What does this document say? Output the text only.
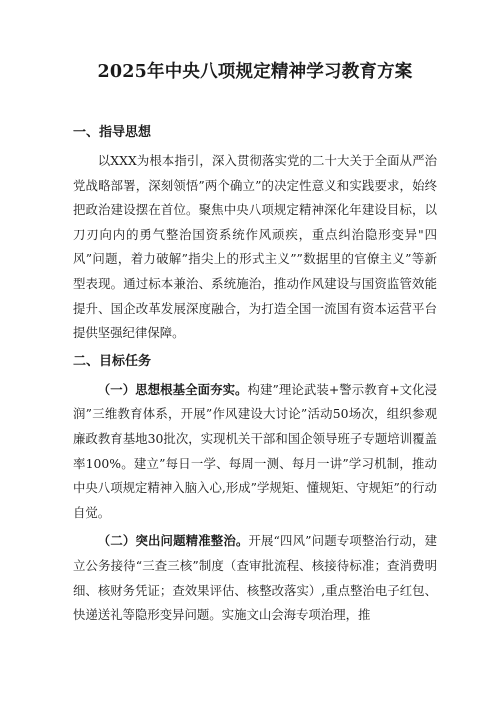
2025年中央八项规定精神学习教育方案
一、指导思想

以XXX为根本指引，深入贯彻落实党的二十大关于全面从严治党战略部署，深刻领悟”两个确立”的决定性意义和实践要求，始终把政治建设摆在首位。聚焦中央八项规定精神深化年建设目标，以刀刃向内的勇气整治国资系统作风顽疾，重点纠治隐形变异"四风”问题，着力破解”指尖上的形式主义””数据里的官僚主义”等新型表现。通过标本兼治、系统施治，推动作风建设与国资监管效能提升、国企改革发展深度融合，为打造全国一流国有资本运营平台提供坚强纪律保障。

二、目标任务

（一）思想根基全面夯实。构建”理论武装+警示教育+文化浸润”三维教育体系，开展”作风建设大讨论”活动50场次，组织参观廉政教育基地30批次，实现机关干部和国企领导班子专题培训覆盖率100%。建立”每日一学、每周一测、每月一讲”学习机制，推动中央八项规定精神入脑入心,形成”学规矩、懂规矩、守规矩”的行动自觉。

（二）突出问题精准整治。开展“四风”问题专项整治行动，建立公务接待“三查三核”制度（查审批流程、核接待标准；查消费明细、核财务凭证；查效果评估、核整改落实）,重点整治电子红包、快递送礼等隐形变异问题。实施文山会海专项治理，推
